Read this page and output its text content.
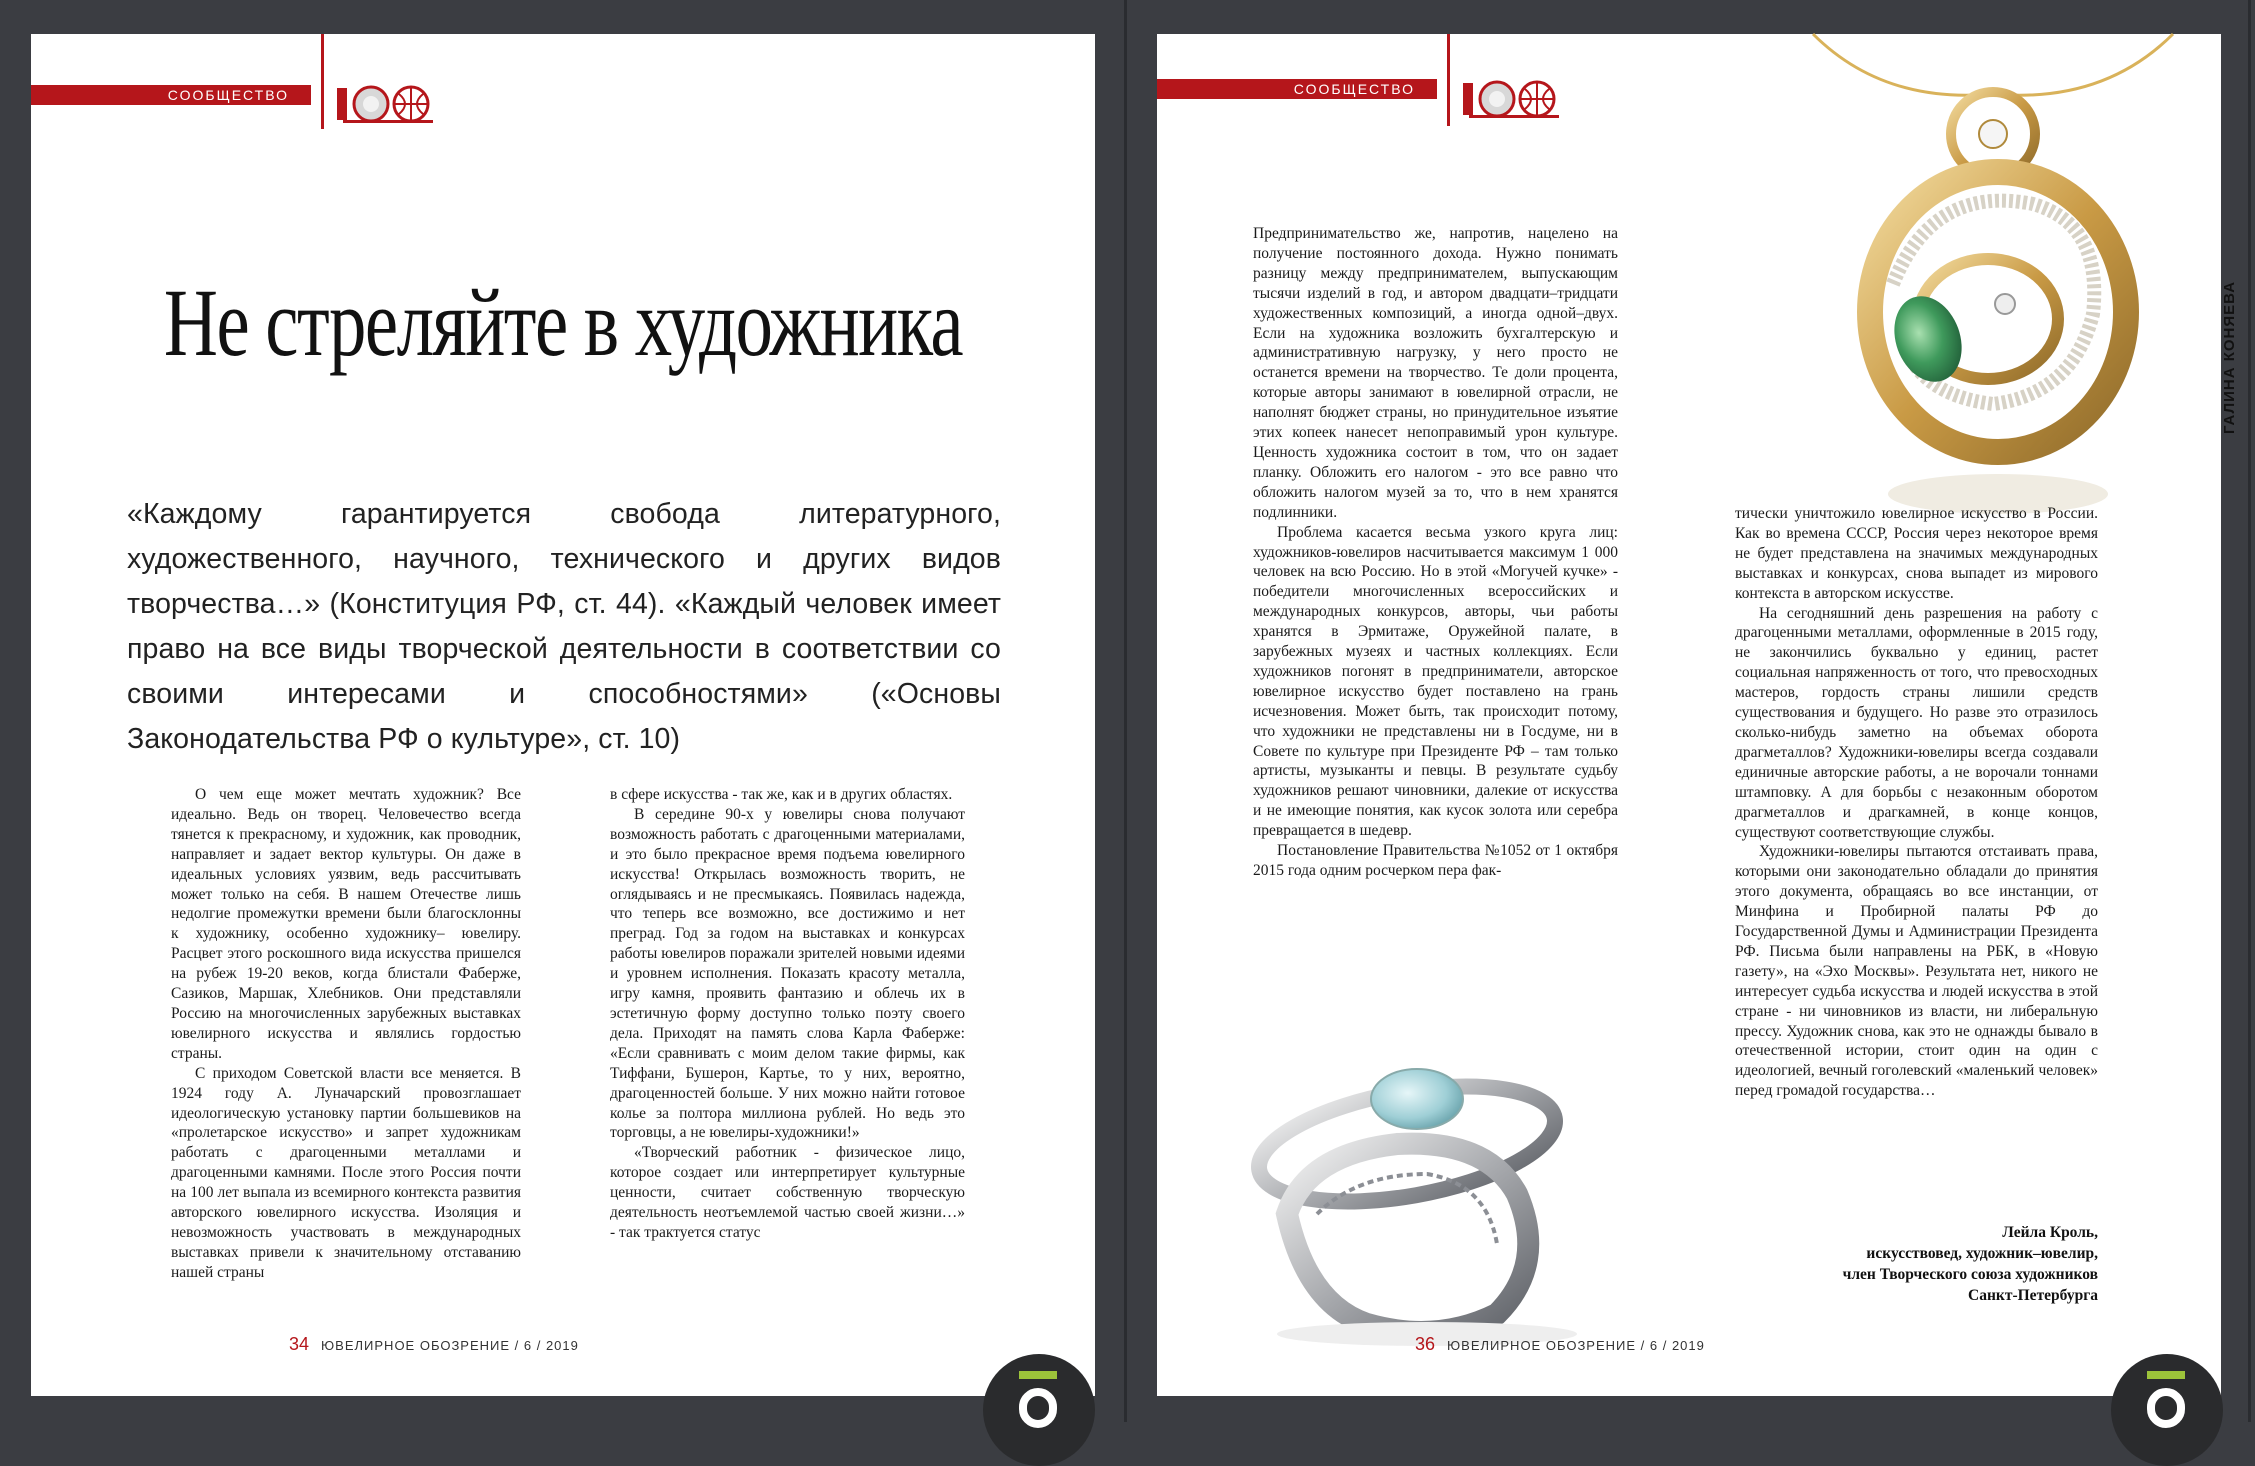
СООБЩЕСТВО
Не стреляйте в художника
«Каждому гарантируется свобода литературного, художественного, научного, технического и других видов творчества…» (Конституция РФ, ст. 44). «Каждый человек имеет право на все виды творческой деятельности в соответствии со своими интересами и способностями» («Основы Законодательства РФ о культуре», ст. 10)

О чем еще может мечтать художник? Все идеально. Ведь он творец. Человечество всегда тянется к прекрасному, и художник, как проводник, направляет и задает вектор культуры. Он даже в идеальных условиях уязвим, ведь рассчитывать может только на себя. В нашем Отечестве лишь недолгие промежутки времени были благосклонны к художнику, особенно художнику– ювелиру. Расцвет этого роскошного вида искусства пришелся на рубеж 19-20 веков, когда блистали Фаберже, Сазиков, Маршак, Хлебников. Они представляли Россию на многочисленных зарубежных выставках ювелирного искусства и являлись гордостью страны.

С приходом Советской власти все меняется. В 1924 году А. Луначарский провозглашает идеологическую установку партии большевиков на «пролетарское искусство» и запрет художникам работать с драгоценными металлами и драгоценными камнями. После этого Россия почти на 100 лет выпала из всемирного контекста развития авторского ювелирного искусства. Изоляция и невозможность участвовать в международных выставках привели к значительному отставанию нашей страны

в сфере искусства - так же, как и в других областях.

В середине 90-х у ювелиры снова получают возможность работать с драгоценными материалами, и это было прекрасное время подъема ювелирного искусства! Открылась возможность творить, не оглядываясь и не пресмыкаясь. Появилась надежда, что теперь все возможно, все достижимо и нет преград. Год за годом на выставках и конкурсах работы ювелиров поражали зрителей новыми идеями и уровнем исполнения. Показать красоту металла, игру камня, проявить фантазию и облечь их в эстетичную форму доступно только поэту своего дела. Приходят на память слова Карла Фаберже: «Если сравнивать с моим делом такие фирмы, как Тиффани, Бушерон, Картье, то у них, вероятно, драгоценностей больше. У них можно найти готовое колье за полтора миллиона рублей. Но ведь это торговцы, а не ювелиры-художники!»

«Творческий работник - физическое лицо, которое создает или интерпретирует культурные ценности, считает собственную творческую деятельность неотъемлемой частью своей жизни…» - так трактуется статус

34 ЮВЕЛИРНОЕ ОБОЗРЕНИЕ / 6 / 2019
СООБЩЕСТВО
ГАЛИНА КОНЯЕВА

Предпринимательство же, напротив, нацелено на получение постоянного дохода. Нужно понимать разницу между предпринимателем, выпускающим тысячи изделий в год, и автором двадцати–тридцати художественных композиций, а иногда одной–двух. Если на художника возложить бухгалтерскую и административную нагрузку, у него просто не останется времени на творчество. Те доли процента, которые авторы занимают в ювелирной отрасли, не наполнят бюджет страны, но принудительное изъятие этих копеек нанесет непоправимый урон культуре. Ценность художника состоит в том, что он задает планку. Обложить его налогом - это все равно что обложить налогом музей за то, что в нем хранятся подлинники.

Проблема касается весьма узкого круга лиц: художников-ювелиров насчитывается максимум 1 000 человек на всю Россию. Но в этой «Могучей кучке» - победители многочисленных всероссийских и международных конкурсов, авторы, чьи работы хранятся в Эрмитаже, Оружейной палате, в зарубежных музеях и частных коллекциях. Если художников погонят в предприниматели, авторское ювелирное искусство будет поставлено на грань исчезновения. Может быть, так происходит потому, что художники не представлены ни в Госдуме, ни в Совете по культуре при Президенте РФ – там только артисты, музыканты и певцы. В результате судьбу художников решают чиновники, далекие от искусства и не имеющие понятия, как кусок золота или серебра превращается в шедевр.

Постановление Правительства №1052 от 1 октября 2015 года одним росчерком пера фак-

тически уничтожило ювелирное искусство в России. Как во времена СССР, Россия через некоторое время не будет представлена на значимых международных выставках и конкурсах, снова выпадет из мирового контекста в авторском искусстве.

На сегодняшний день разрешения на работу с драгоценными металлами, оформленные в 2015 году, не закончились буквально у единиц, растет социальная напряженность от того, что превосходных мастеров, гордость страны лишили средств существования и будущего. Но разве это отразилось сколько-нибудь заметно на объемах оборота драгметаллов? Художники-ювелиры всегда создавали единичные авторские работы, а не ворочали тоннами штамповку. А для борьбы с незаконным оборотом драгметаллов и драгкамней, в конце концов, существуют соответствующие службы.

Художники-ювелиры пытаются отстаивать права, которыми они законодательно обладали до принятия этого документа, обращаясь во все инстанции, от Минфина и Пробирной палаты РФ до Государственной Думы и Администрации Президента РФ. Письма были направлены на РБК, в «Новую газету», на «Эхо Москвы». Результата нет, никого не интересует судьба искусства и людей искусства в этой стране - ни чиновников из власти, ни либеральную прессу. Художник снова, как это не однажды бывало в отечественной истории, стоит один на один с идеологией, вечный гоголевский «маленький человек» перед громадой государства…

Лейла Кроль,
искусствовед, художник–ювелир,
член Творческого союза художников
Санкт-Петербурга
36 ЮВЕЛИРНОЕ ОБОЗРЕНИЕ / 6 / 2019
